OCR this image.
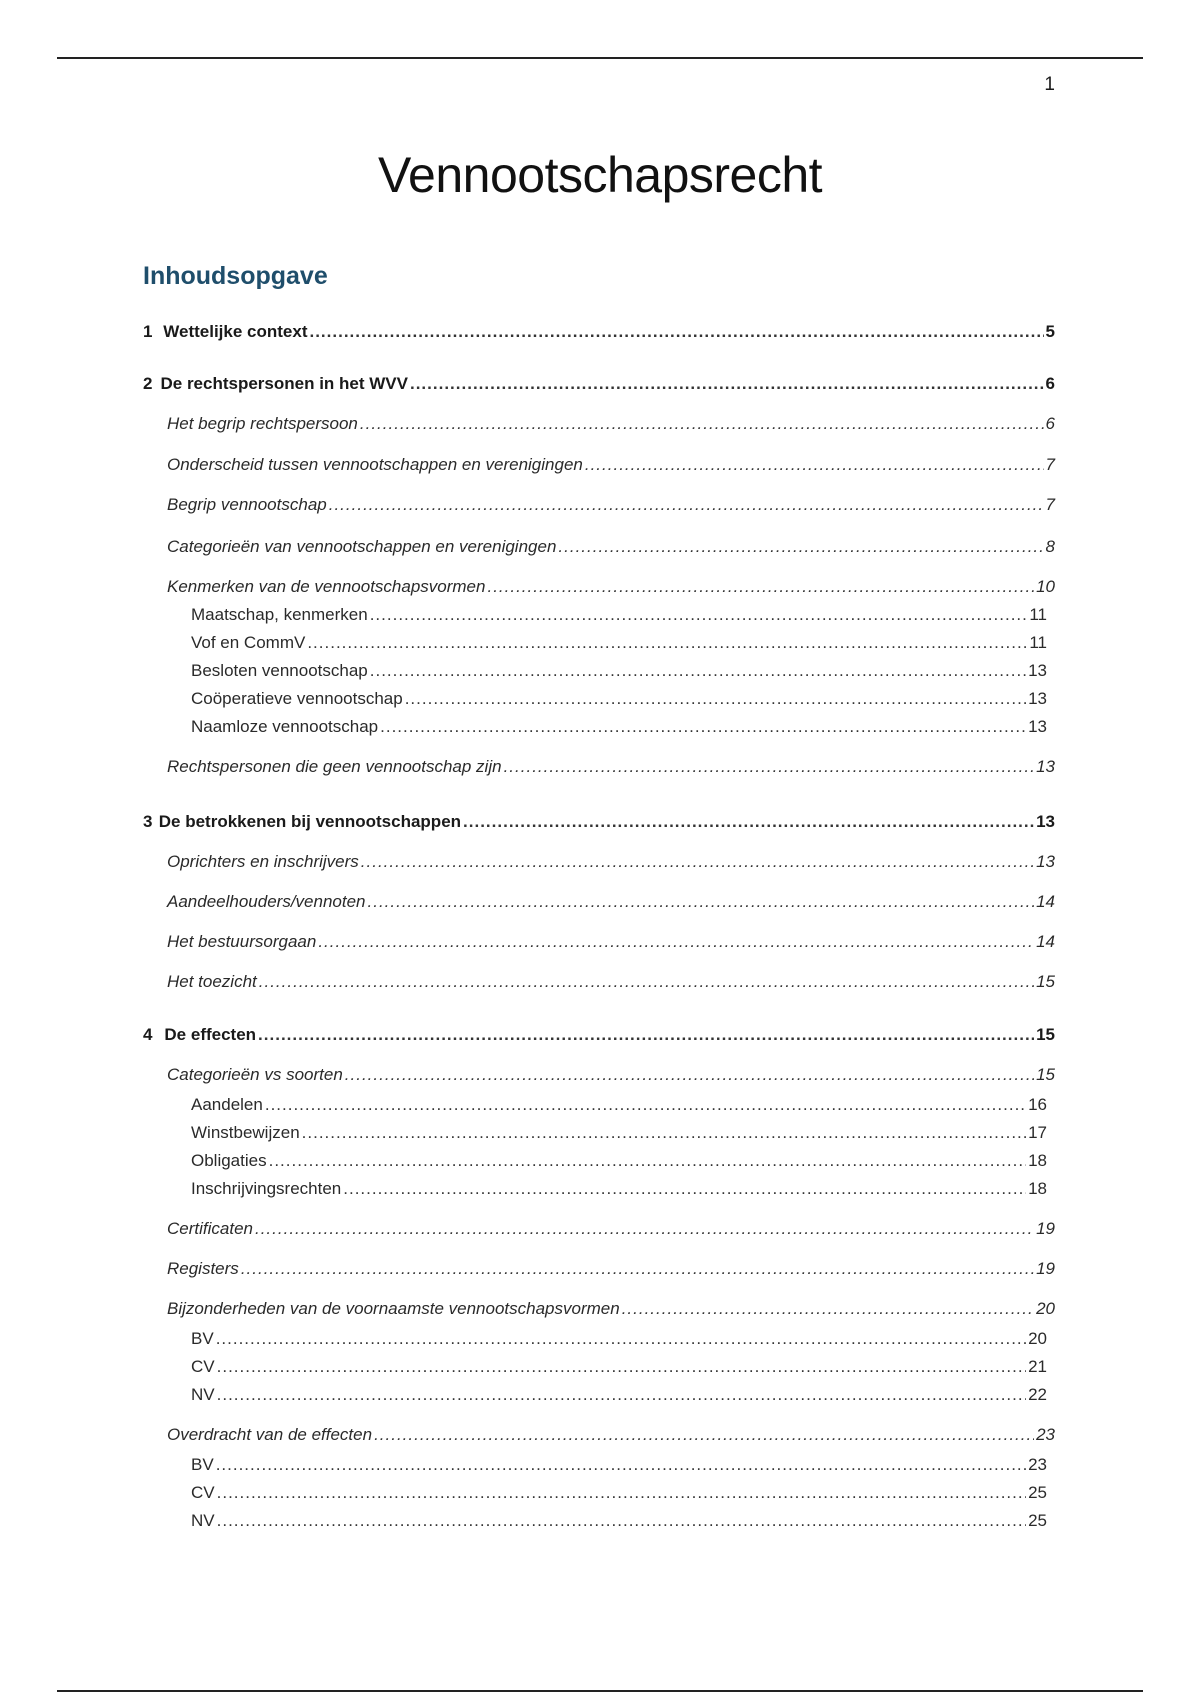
1
Vennootschapsrecht
Inhoudsopgave
1 Wettelijke context .....	5
2 De rechtspersonen in het WVV .....	6
Het begrip rechtspersoon .....	6
Onderscheid tussen vennootschappen en verenigingen .....	7
Begrip vennootschap .....	7
Categorieën van vennootschappen en verenigingen .....	8
Kenmerken van de vennootschapsvormen .....	10
Maatschap, kenmerken .....	11
Vof en CommV .....	11
Besloten vennootschap .....	13
Coöperatieve vennootschap .....	13
Naamloze vennootschap .....	13
Rechtspersonen die geen vennootschap zijn .....	13
3 De betrokkenen bij vennootschappen .....	13
Oprichters en inschrijvers .....	13
Aandeelhouders/vennoten .....	14
Het bestuursorgaan .....	14
Het toezicht .....	15
4 De effecten .....	15
Categorieën vs soorten .....	15
Aandelen .....	16
Winstbewijzen .....	17
Obligaties .....	18
Inschrijvingsrechten .....	18
Certificaten .....	19
Registers .....	19
Bijzonderheden van de voornaamste vennootschapsvormen .....	20
BV .....	20
CV .....	21
NV .....	22
Overdracht van de effecten .....	23
BV .....	23
CV .....	25
NV .....	25
